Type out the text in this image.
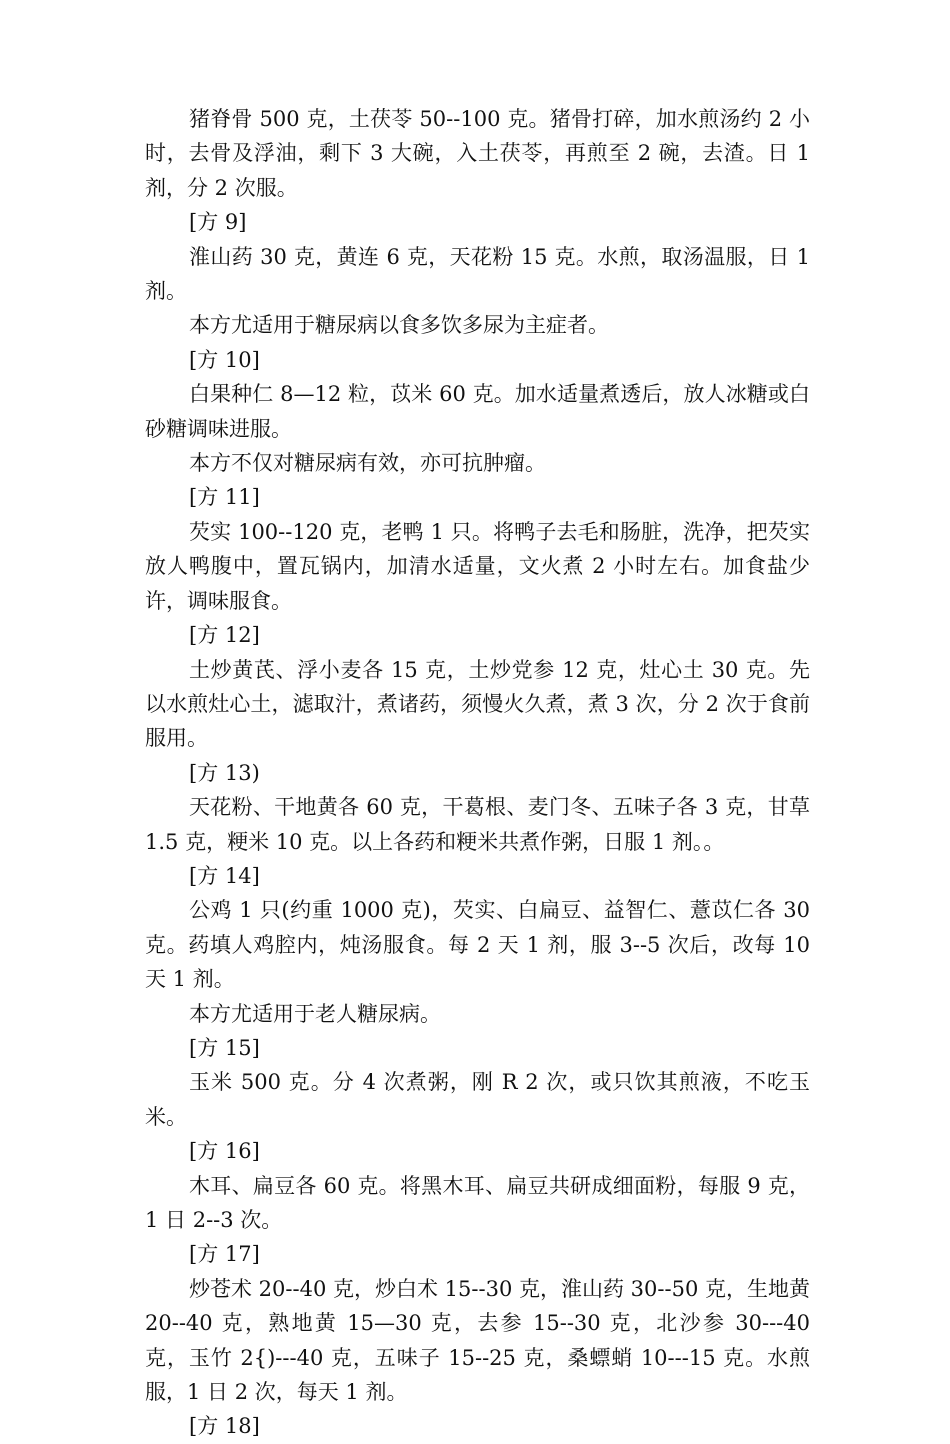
猪脊骨 500 克，土茯苓 50--100 克。猪骨打碎，加水煎汤约 2 小时，去骨及浮油，剩下 3 大碗，入土茯苓，再煎至 2 碗，去渣。日 1 剂，分 2 次服。

[方 9]

淮山药 30 克，黄连 6 克，天花粉 15 克。水煎，取汤温服，日 1 剂。

本方尤适用于糖尿病以食多饮多尿为主症者。

[方 10]

白果种仁 8—12 粒，苡米 60 克。加水适量煮透后，放人冰糖或白砂糖调味进服。

本方不仅对糖尿病有效，亦可抗肿瘤。

[方 11]

芡实 100--120 克，老鸭 1 只。将鸭子去毛和肠脏，洗净，把芡实放人鸭腹中，置瓦锅内，加清水适量，文火煮 2 小时左右。加食盐少许，调味服食。

[方 12]

土炒黄芪、浮小麦各 15 克，土炒党参 12 克，灶心土 30 克。先以水煎灶心土，滤取汁，煮诸药，须慢火久煮，煮 3 次，分 2 次于食前服用。

[方 13)

天花粉、干地黄各 60 克，干葛根、麦门冬、五味子各 3 克，甘草 1.5 克，粳米 10 克。以上各药和粳米共煮作粥，日服 1 剂。。

[方 14]

公鸡 1 只(约重 1000 克)，芡实、白扁豆、益智仁、薏苡仁各 30 克。药填人鸡腔内，炖汤服食。每 2 天 1 剂，服 3--5 次后，改每 10 天 1 剂。

本方尤适用于老人糖尿病。

[方 15]

玉米 500 克。分 4 次煮粥，刚 R 2 次，或只饮其煎液，不吃玉米。

[方 16]

木耳、扁豆各 60 克。将黑木耳、扁豆共研成细面粉，每服 9 克，1 日 2--3 次。

[方 17]

炒苍术 20--40 克，炒白术 15--30 克，淮山药 30--50 克，生地黄 20--40 克，熟地黄 15—30 克，去参 15--30 克，北沙参 30---40 克，玉竹 2{)---40 克，五味子 15--25 克，桑螵蛸 10---15 克。水煎服，1 日 2 次，每天 1 剂。

[方 18]
